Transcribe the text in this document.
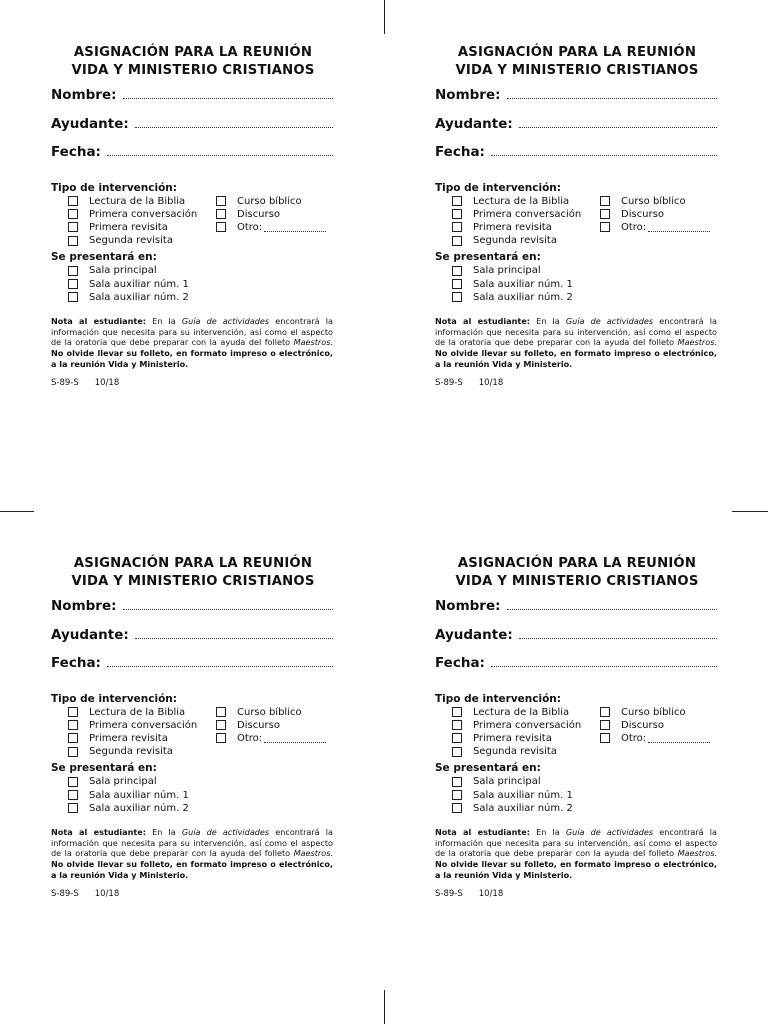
ASIGNACIÓN PARA LA REUNIÓN
VIDA Y MINISTERIO CRISTIANOS
Nombre:
Ayudante:
Fecha:

Tipo de intervención:

Lectura de la Biblia
Primera conversación
Primera revisita
Segunda revisita
Curso bíblico
Discurso
Otro:

Se presentará en:

Sala principal
Sala auxiliar núm. 1
Sala auxiliar núm. 2

Nota al estudiante: En la Guía de actividades encontrará la información que necesita para su intervención, así como el aspecto de la oratoria que debe preparar con la ayuda del folleto Maestros. No olvide llevar su folleto, en formato impreso o electrónico, a la reunión Vida y Ministerio.

S-89-S 10/18
ASIGNACIÓN PARA LA REUNIÓN
VIDA Y MINISTERIO CRISTIANOS
Nombre:
Ayudante:
Fecha:

Tipo de intervención:

Lectura de la Biblia
Primera conversación
Primera revisita
Segunda revisita
Curso bíblico
Discurso
Otro:

Se presentará en:

Sala principal
Sala auxiliar núm. 1
Sala auxiliar núm. 2

Nota al estudiante: En la Guía de actividades encontrará la información que necesita para su intervención, así como el aspecto de la oratoria que debe preparar con la ayuda del folleto Maestros. No olvide llevar su folleto, en formato impreso o electrónico, a la reunión Vida y Ministerio.

S-89-S 10/18
ASIGNACIÓN PARA LA REUNIÓN
VIDA Y MINISTERIO CRISTIANOS
Nombre:
Ayudante:
Fecha:

Tipo de intervención:

Lectura de la Biblia
Primera conversación
Primera revisita
Segunda revisita
Curso bíblico
Discurso
Otro:

Se presentará en:

Sala principal
Sala auxiliar núm. 1
Sala auxiliar núm. 2

Nota al estudiante: En la Guía de actividades encontrará la información que necesita para su intervención, así como el aspecto de la oratoria que debe preparar con la ayuda del folleto Maestros. No olvide llevar su folleto, en formato impreso o electrónico, a la reunión Vida y Ministerio.

S-89-S 10/18
ASIGNACIÓN PARA LA REUNIÓN
VIDA Y MINISTERIO CRISTIANOS
Nombre:
Ayudante:
Fecha:

Tipo de intervención:

Lectura de la Biblia
Primera conversación
Primera revisita
Segunda revisita
Curso bíblico
Discurso
Otro:

Se presentará en:

Sala principal
Sala auxiliar núm. 1
Sala auxiliar núm. 2

Nota al estudiante: En la Guía de actividades encontrará la información que necesita para su intervención, así como el aspecto de la oratoria que debe preparar con la ayuda del folleto Maestros. No olvide llevar su folleto, en formato impreso o electrónico, a la reunión Vida y Ministerio.

S-89-S 10/18
